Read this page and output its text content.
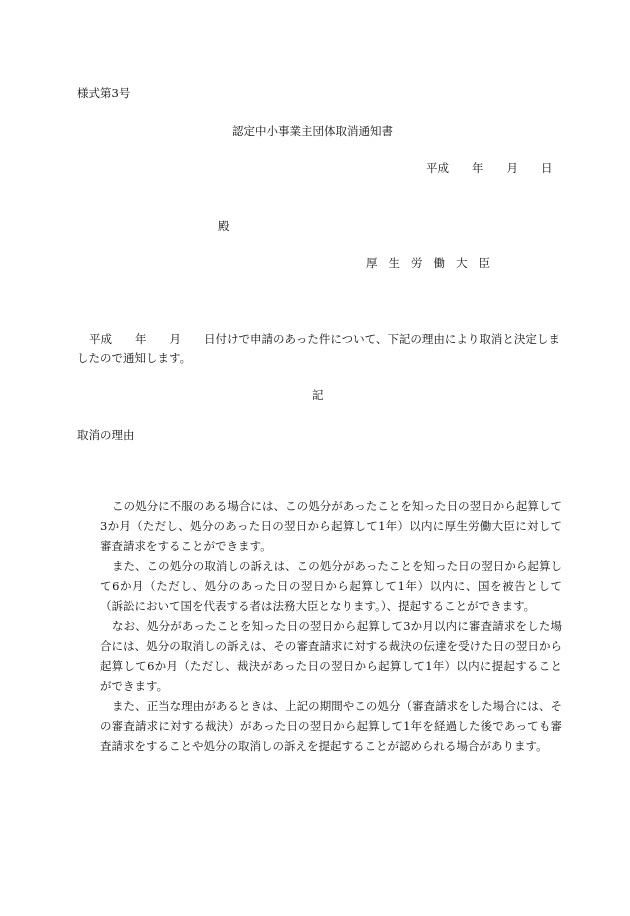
様式第3号
認定中小事業主団体取消通知書
平成　　年　　月　　日
殿
厚生労働大臣
平成　　年　　月　　日付けで申請のあった件について、下記の理由により取消と決定しましたので通知します。
記
取消の理由

この処分に不服のある場合には、この処分があったことを知った日の翌日から起算して3か月（ただし、処分のあった日の翌日から起算して1年）以内に厚生労働大臣に対して審査請求をすることができます。

また、この処分の取消しの訴えは、この処分があったことを知った日の翌日から起算して6か月（ただし、処分のあった日の翌日から起算して1年）以内に、国を被告として（訴訟において国を代表する者は法務大臣となります。）、提起することができます。

なお、処分があったことを知った日の翌日から起算して3か月以内に審査請求をした場合には、処分の取消しの訴えは、その審査請求に対する裁決の伝達を受けた日の翌日から起算して6か月（ただし、裁決があった日の翌日から起算して1年）以内に提起することができます。

また、正当な理由があるときは、上記の期間やこの処分（審査請求をした場合には、その審査請求に対する裁決）があった日の翌日から起算して1年を経過した後であっても審査請求をすることや処分の取消しの訴えを提起することが認められる場合があります。
